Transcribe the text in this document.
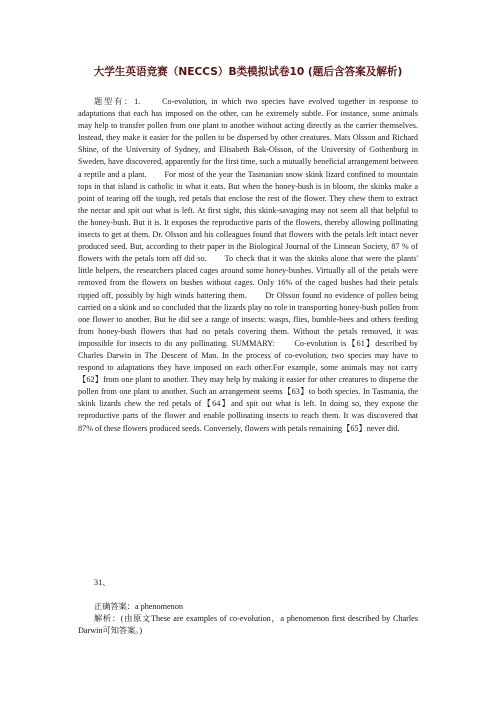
大学生英语竞赛（NECCS）B类模拟试卷10 (题后含答案及解析)

题型有：1.　　Co-evolution, in which two species have evolved together in response to adaptations that each has imposed on the other, can be extremely subtle. For instance, some animals may help to transfer pollen from one plant to another without acting directly as the carrier themselves. Instead, they make it easier for the pollen to be dispersed by other creatures. Mats Olsson and Richard Shine, of the University of Sydney, and Elisabeth Bak-Olsson, of the University of Gothenburg in Sweden, have discovered, apparently for the first time, such a mutually beneficial arrangement between a reptile and a plant.　　For most of the year the Tasmanian snow skink lizard confined to mountain tops in that island is catholic in what it eats. But when the honey-bush is in bloom, the skinks make a point of tearing off the tough, red petals that enclose the rest of the flower. They chew them to extract the nectar and spit out what is left. At first sight, this skink-savaging may not seem all that helpful to the honey-bush. But it is. It exposes the reproductive parts of the flowers, thereby allowing pollinating insects to get at them. Dr. Olsson and his colleagues found that flowers with the petals left intact never produced seed. But, according to their paper in the Biological Journal of the Linnean Society, 87 % of flowers with the petals torn off did so.　　To check that it was the skinks alone that were the plants' little helpers, the researchers placed cages around some honey-bushes. Virtually all of the petals were removed from the flowers on bushes without cages. Only 16% of the caged bushes had their petals ripped off, possibly by high winds battering them.　　Dr Olsson found no evidence of pollen being carried on a skink and so concluded that the lizards play no role in transporting honey-bush pollen from one flower to another. But he did see a range of insects: wasps, flies, bumble-bees and others feeding from honey-bush flowers that had no petals covering them. Without the petals removed, it was impossible for insects to do any pollinating. SUMMARY:　　Co-evolution is【61】described by Charles Darwin in The Descent of Man. In the process of co-evolution, two species may have to respond to adaptations they have imposed on each other.For example, some animals may not carry【62】from one plant to another. They may help by making it easier for other creatures to disperse the pollen from one plant to another. Such an arrangement seems【63】to both species. In Tasmania, the skink lizards chew the red petals of【64】and spit out what is left. In doing so, they expose the reproductive parts of the flower and enable pollinating insects to reach them. It was discovered that 87% of these flowers produced seeds. Conversely, flowers with petals remaining【65】never did.

31、
正确答案：a phenomenon
解析：(由原文These are examples of co-evolution，a phenomenon first described by Charles Darwin可知答案。)
